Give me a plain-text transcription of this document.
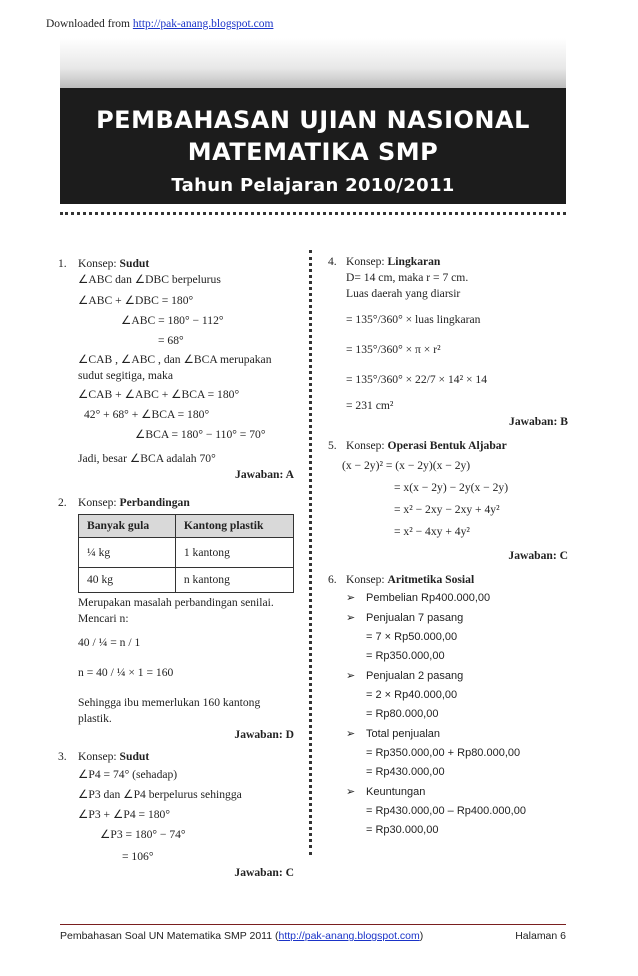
Downloaded from http://pak-anang.blogspot.com
PEMBAHASAN UJIAN NASIONAL
MATEMATIKA SMP
Tahun Pelajaran 2010/2011
1. Konsep: Sudut
∠ABC dan ∠DBC berpelurus
∠ABC + ∠DBC = 180°
∠ABC = 180° − 112°
= 68°
∠CAB , ∠ABC , dan ∠BCA merupakan
sudut segitiga, maka
∠CAB + ∠ABC + ∠BCA = 180°
42° + 68° + ∠BCA = 180°
∠BCA = 180° − 110° = 70°
Jadi, besar ∠BCA adalah 70°
Jawaban: A
2. Konsep: Perbandingan
Banyak gula	Kantong plastik
¼ kg	1 kantong
40 kg	n kantong
Merupakan masalah perbandingan senilai.
Mencari n:
40 / ¼ = n / 1
n = 40 / ¼ × 1 = 160
Sehingga ibu memerlukan 160 kantong
plastik.
Jawaban: D
3. Konsep: Sudut
∠P4 = 74° (sehadap)
∠P3 dan ∠P4 berpelurus sehingga
∠P3 + ∠P4 = 180°
∠P3 = 180° − 74°
= 106°
Jawaban: C
4. Konsep: Lingkaran
D= 14 cm, maka r = 7 cm.
Luas daerah yang diarsir
= 135°/360° × luas lingkaran
= 135°/360° × π × r²
= 135°/360° × 22/7 × 14² × 14
= 231 cm²
Jawaban: B
5. Konsep: Operasi Bentuk Aljabar
(x − 2y)² = (x − 2y)(x − 2y)
= x(x − 2y) − 2y(x − 2y)
= x² − 2xy − 2xy + 4y²
= x² − 4xy + 4y²
Jawaban: C
6. Konsep: Aritmetika Sosial
➢ Pembelian Rp400.000,00
➢ Penjualan 7 pasang
= 7 × Rp50.000,00
= Rp350.000,00
➢ Penjualan 2 pasang
= 2 × Rp40.000,00
= Rp80.000,00
➢ Total penjualan
= Rp350.000,00 + Rp80.000,00
= Rp430.000,00
➢ Keuntungan
= Rp430.000,00 – Rp400.000,00
= Rp30.000,00
Pembahasan Soal UN Matematika SMP 2011 (http://pak-anang.blogspot.com)	Halaman 6
